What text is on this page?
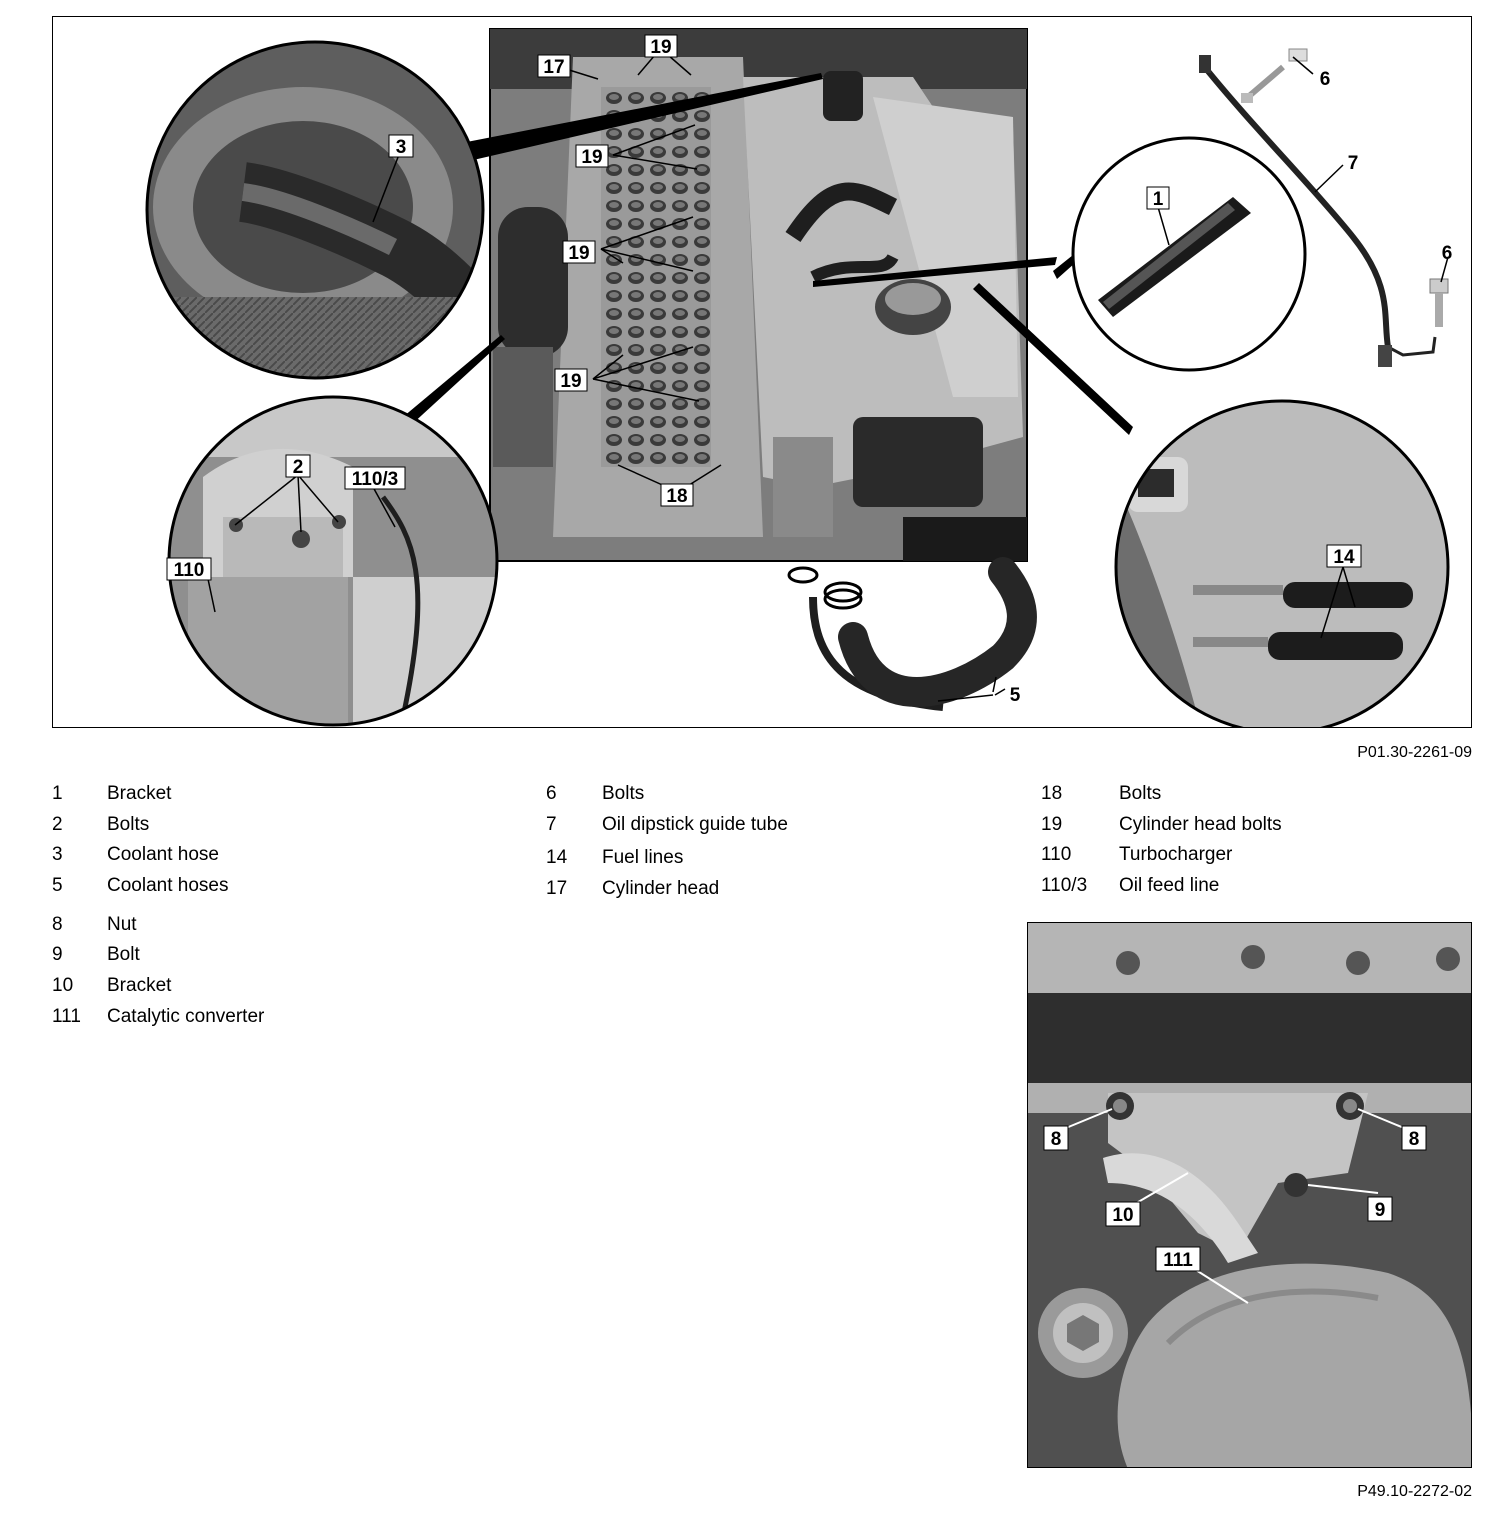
3
2
110/3
110
1
14
17
19
19
19
19
18
5
6
7
6
P01.30-2261-09
1 Bracket
2 Bolts
3 Coolant hose
5 Coolant hoses
8 Nut
9 Bolt
10 Bracket
111 Catalytic converter
6 Bolts
7 Oil dipstick guide tube
14 Fuel lines
17 Cylinder head
18	Bolts
19	Cylinder head bolts
110	Turbocharger
110/3 Oil feed line
8	8
9
10
111
P49.10-2272-02
